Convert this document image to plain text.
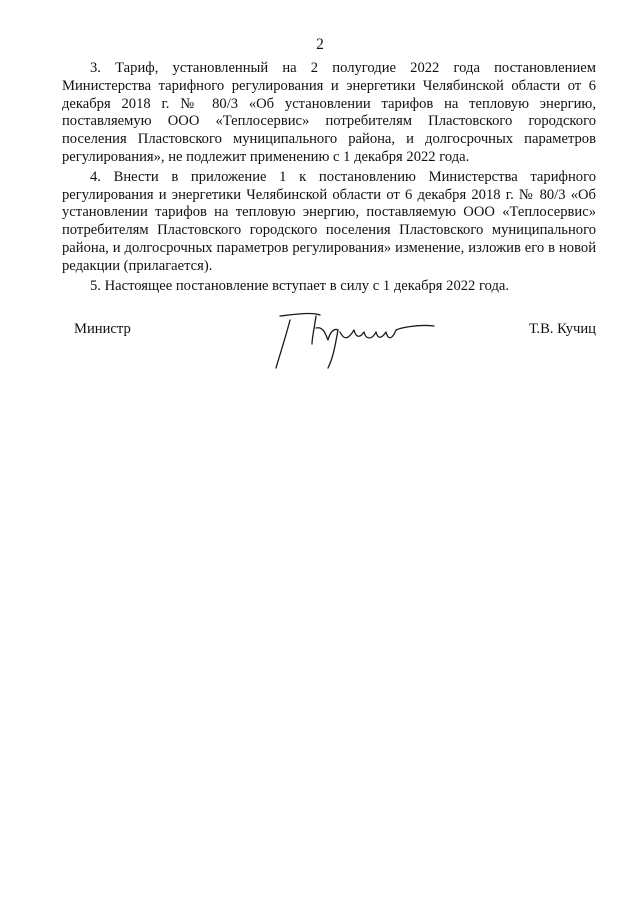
2

3. Тариф, установленный на 2 полугодие 2022 года постановлением Министерства тарифного регулирования и энергетики Челябинской области от 6 декабря 2018 г. № 80/3 «Об установлении тарифов на тепловую энергию, поставляемую ООО «Теплосервис» потребителям Пластовского городского поселения Пластовского муниципального района, и долгосрочных параметров регулирования», не подлежит применению с 1 декабря 2022 года.

4. Внести в приложение 1 к постановлению Министерства тарифного регулирования и энергетики Челябинской области от 6 декабря 2018 г. № 80/3 «Об установлении тарифов на тепловую энергию, поставляемую ООО «Теплосервис» потребителям Пластовского городского поселения Пластовского муниципального района, и долгосрочных параметров регулирования» изменение, изложив его в новой редакции (прилагается).

5. Настоящее постановление вступает в силу с 1 декабря 2022 года.

Министр	Т.В. Кучиц
